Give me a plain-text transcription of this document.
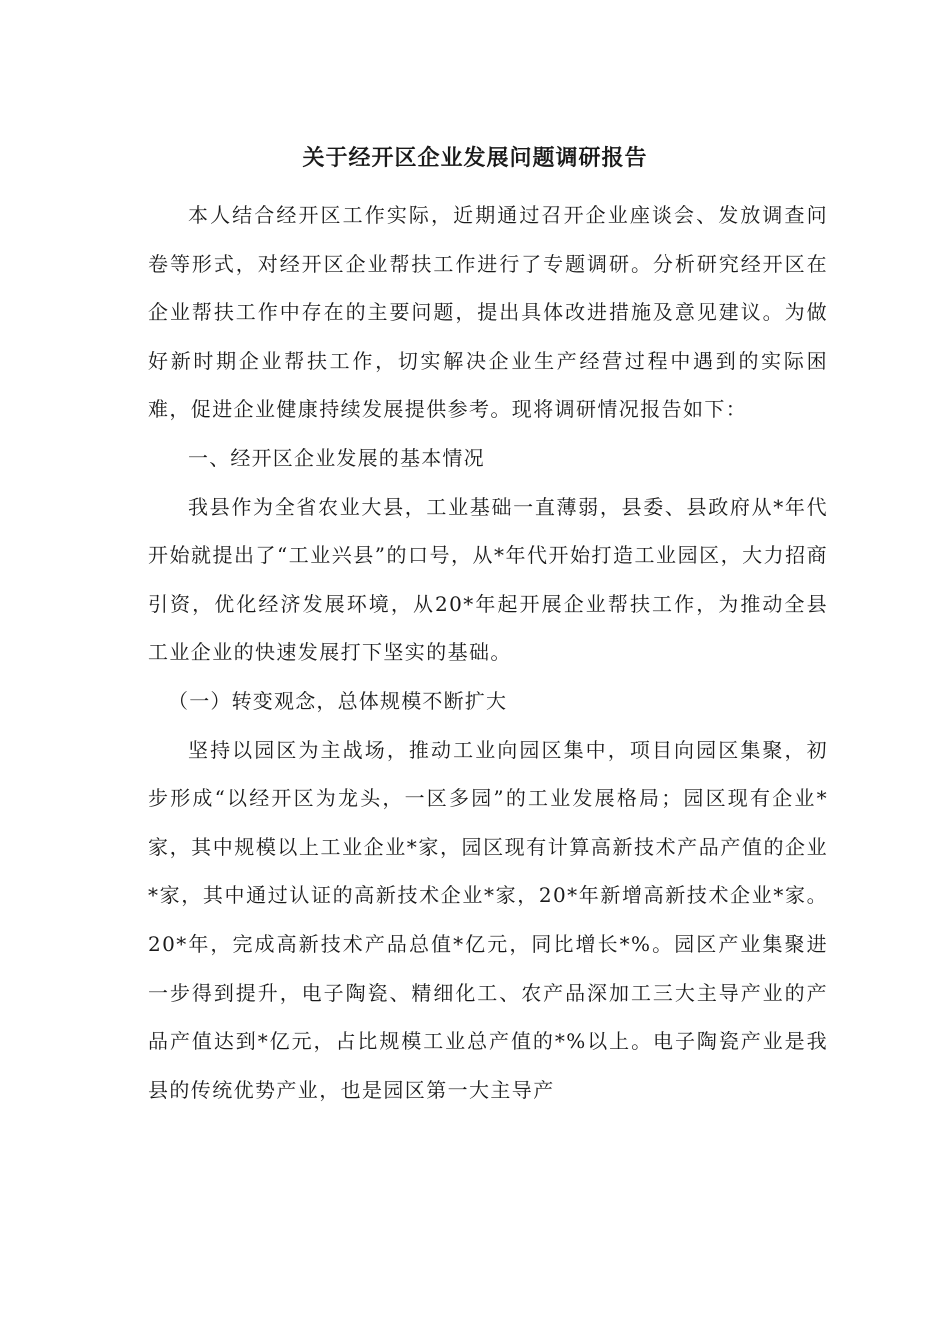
关于经开区企业发展问题调研报告

本人结合经开区工作实际，近期通过召开企业座谈会、发放调查问卷等形式，对经开区企业帮扶工作进行了专题调研。分析研究经开区在企业帮扶工作中存在的主要问题，提出具体改进措施及意见建议。为做好新时期企业帮扶工作，切实解决企业生产经营过程中遇到的实际困难，促进企业健康持续发展提供参考。现将调研情况报告如下：

一、经开区企业发展的基本情况

我县作为全省农业大县，工业基础一直薄弱，县委、县政府从*年代开始就提出了“工业兴县”的口号，从*年代开始打造工业园区，大力招商引资，优化经济发展环境，从20*年起开展企业帮扶工作，为推动全县工业企业的快速发展打下坚实的基础。

（一）转变观念，总体规模不断扩大

坚持以园区为主战场，推动工业向园区集中，项目向园区集聚，初步形成“以经开区为龙头，一区多园”的工业发展格局；园区现有企业*家，其中规模以上工业企业*家，园区现有计算高新技术产品产值的企业*家，其中通过认证的高新技术企业*家，20*年新增高新技术企业*家。20*年，完成高新技术产品总值*亿元，同比增长*%。园区产业集聚进一步得到提升，电子陶瓷、精细化工、农产品深加工三大主导产业的产品产值达到*亿元，占比规模工业总产值的*%以上。电子陶瓷产业是我县的传统优势产业，也是园区第一大主导产
